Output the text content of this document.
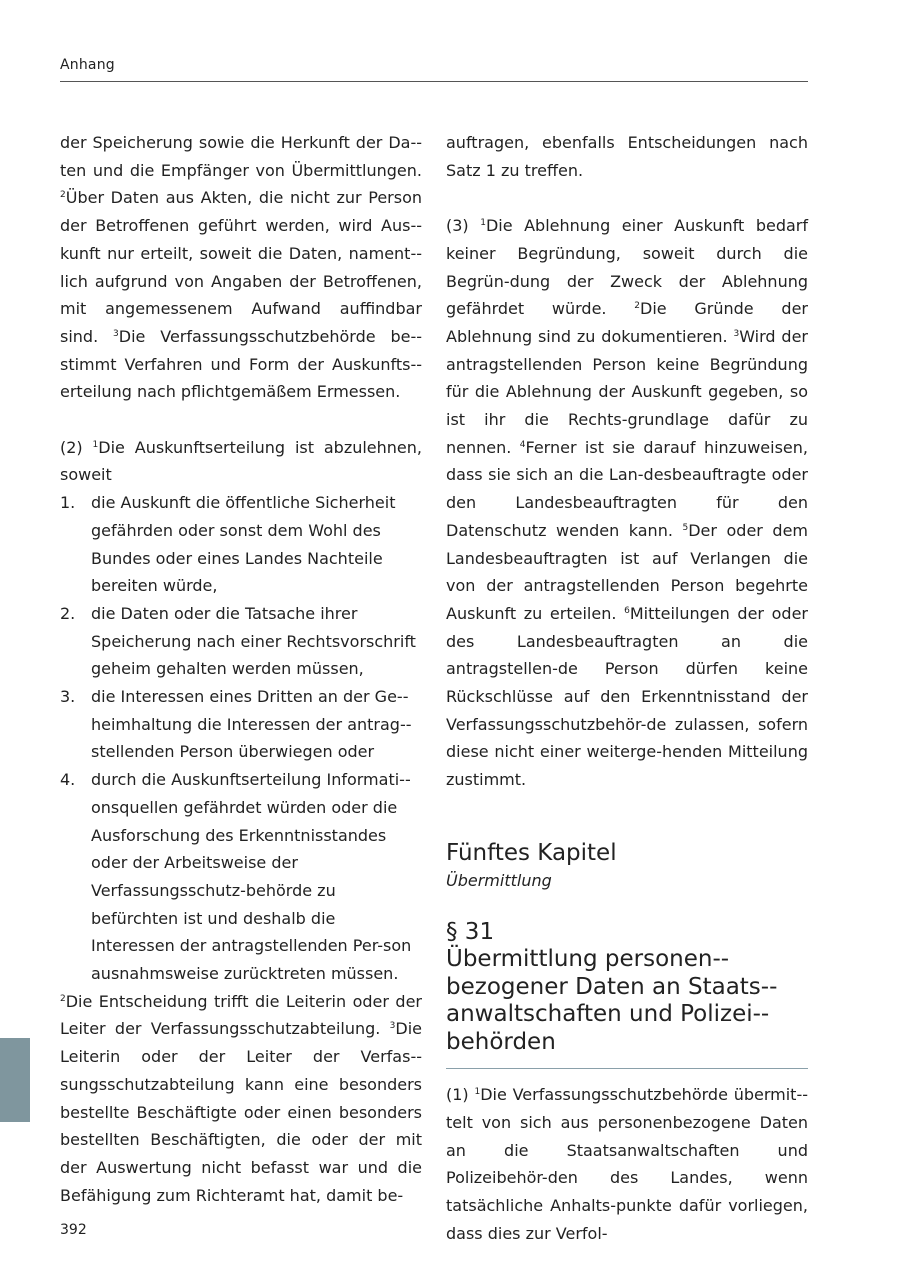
Anhang

der Speicherung sowie die Herkunft der Da-ten und die Empfänger von Übermittlungen. $^2$Über Daten aus Akten, die nicht zur Person der Betroffenen geführt werden, wird Aus-kunft nur erteilt, soweit die Daten, nament-lich aufgrund von Angaben der Betroffenen, mit angemessenem Aufwand auffindbar sind. $^3$Die Verfassungsschutzbehörde be-stimmt Verfahren und Form der Auskunfts-erteilung nach pflichtgemäßem Ermessen.

(2) $^1$Die Auskunftserteilung ist abzulehnen, soweit

1. die Auskunft die öffentliche Sicherheit gefährden oder sonst dem Wohl des Bundes oder eines Landes Nachteile bereiten würde,
2. die Daten oder die Tatsache ihrer Speicherung nach einer Rechtsvorschrift geheim gehalten werden müssen,
3. die Interessen eines Dritten an der Ge-heimhaltung die Interessen der antrag-stellenden Person überwiegen oder
4. durch die Auskunftserteilung Informati-onsquellen gefährdet würden oder die Ausforschung des Erkenntnisstandes oder der Arbeitsweise der Verfassungsschutz-behörde zu befürchten ist und deshalb die Interessen der antragstellenden Per-son ausnahmsweise zurücktreten müssen.

$^2$Die Entscheidung trifft die Leiterin oder der Leiter der Verfassungsschutzabteilung. $^3$Die Leiterin oder der Leiter der Verfas-sungsschutzabteilung kann eine besonders bestellte Beschäftigte oder einen besonders bestellten Beschäftigten, die oder der mit der Auswertung nicht befasst war und die Befähigung zum Richteramt hat, damit be-

auftragen, ebenfalls Entscheidungen nach Satz 1 zu treffen.

(3) $^1$Die Ablehnung einer Auskunft bedarf keiner Begründung, soweit durch die Begrün-dung der Zweck der Ablehnung gefährdet würde. $^2$Die Gründe der Ablehnung sind zu dokumentieren. $^3$Wird der antragstellenden Person keine Begründung für die Ablehnung der Auskunft gegeben, so ist ihr die Rechts-grundlage dafür zu nennen. $^4$Ferner ist sie darauf hinzuweisen, dass sie sich an die Lan-desbeauftragte oder den Landesbeauftragten für den Datenschutz wenden kann. $^5$Der oder dem Landesbeauftragten ist auf Verlangen die von der antragstellenden Person begehrte Auskunft zu erteilen. $^6$Mitteilungen der oder des Landesbeauftragten an die antragstellen-de Person dürfen keine Rückschlüsse auf den Erkenntnisstand der Verfassungsschutzbehör-de zulassen, sofern diese nicht einer weiterge-henden Mitteilung zustimmt.

Fünftes Kapitel
Übermittlung
§ 31
Übermittlung personen-bezogener Daten an Staats-anwaltschaften und Polizei-behörden

(1) $^1$Die Verfassungsschutzbehörde übermit-telt von sich aus personenbezogene Daten an die Staatsanwaltschaften und Polizeibehör-den des Landes, wenn tatsächliche Anhalts-punkte dafür vorliegen, dass dies zur Verfol-

392
